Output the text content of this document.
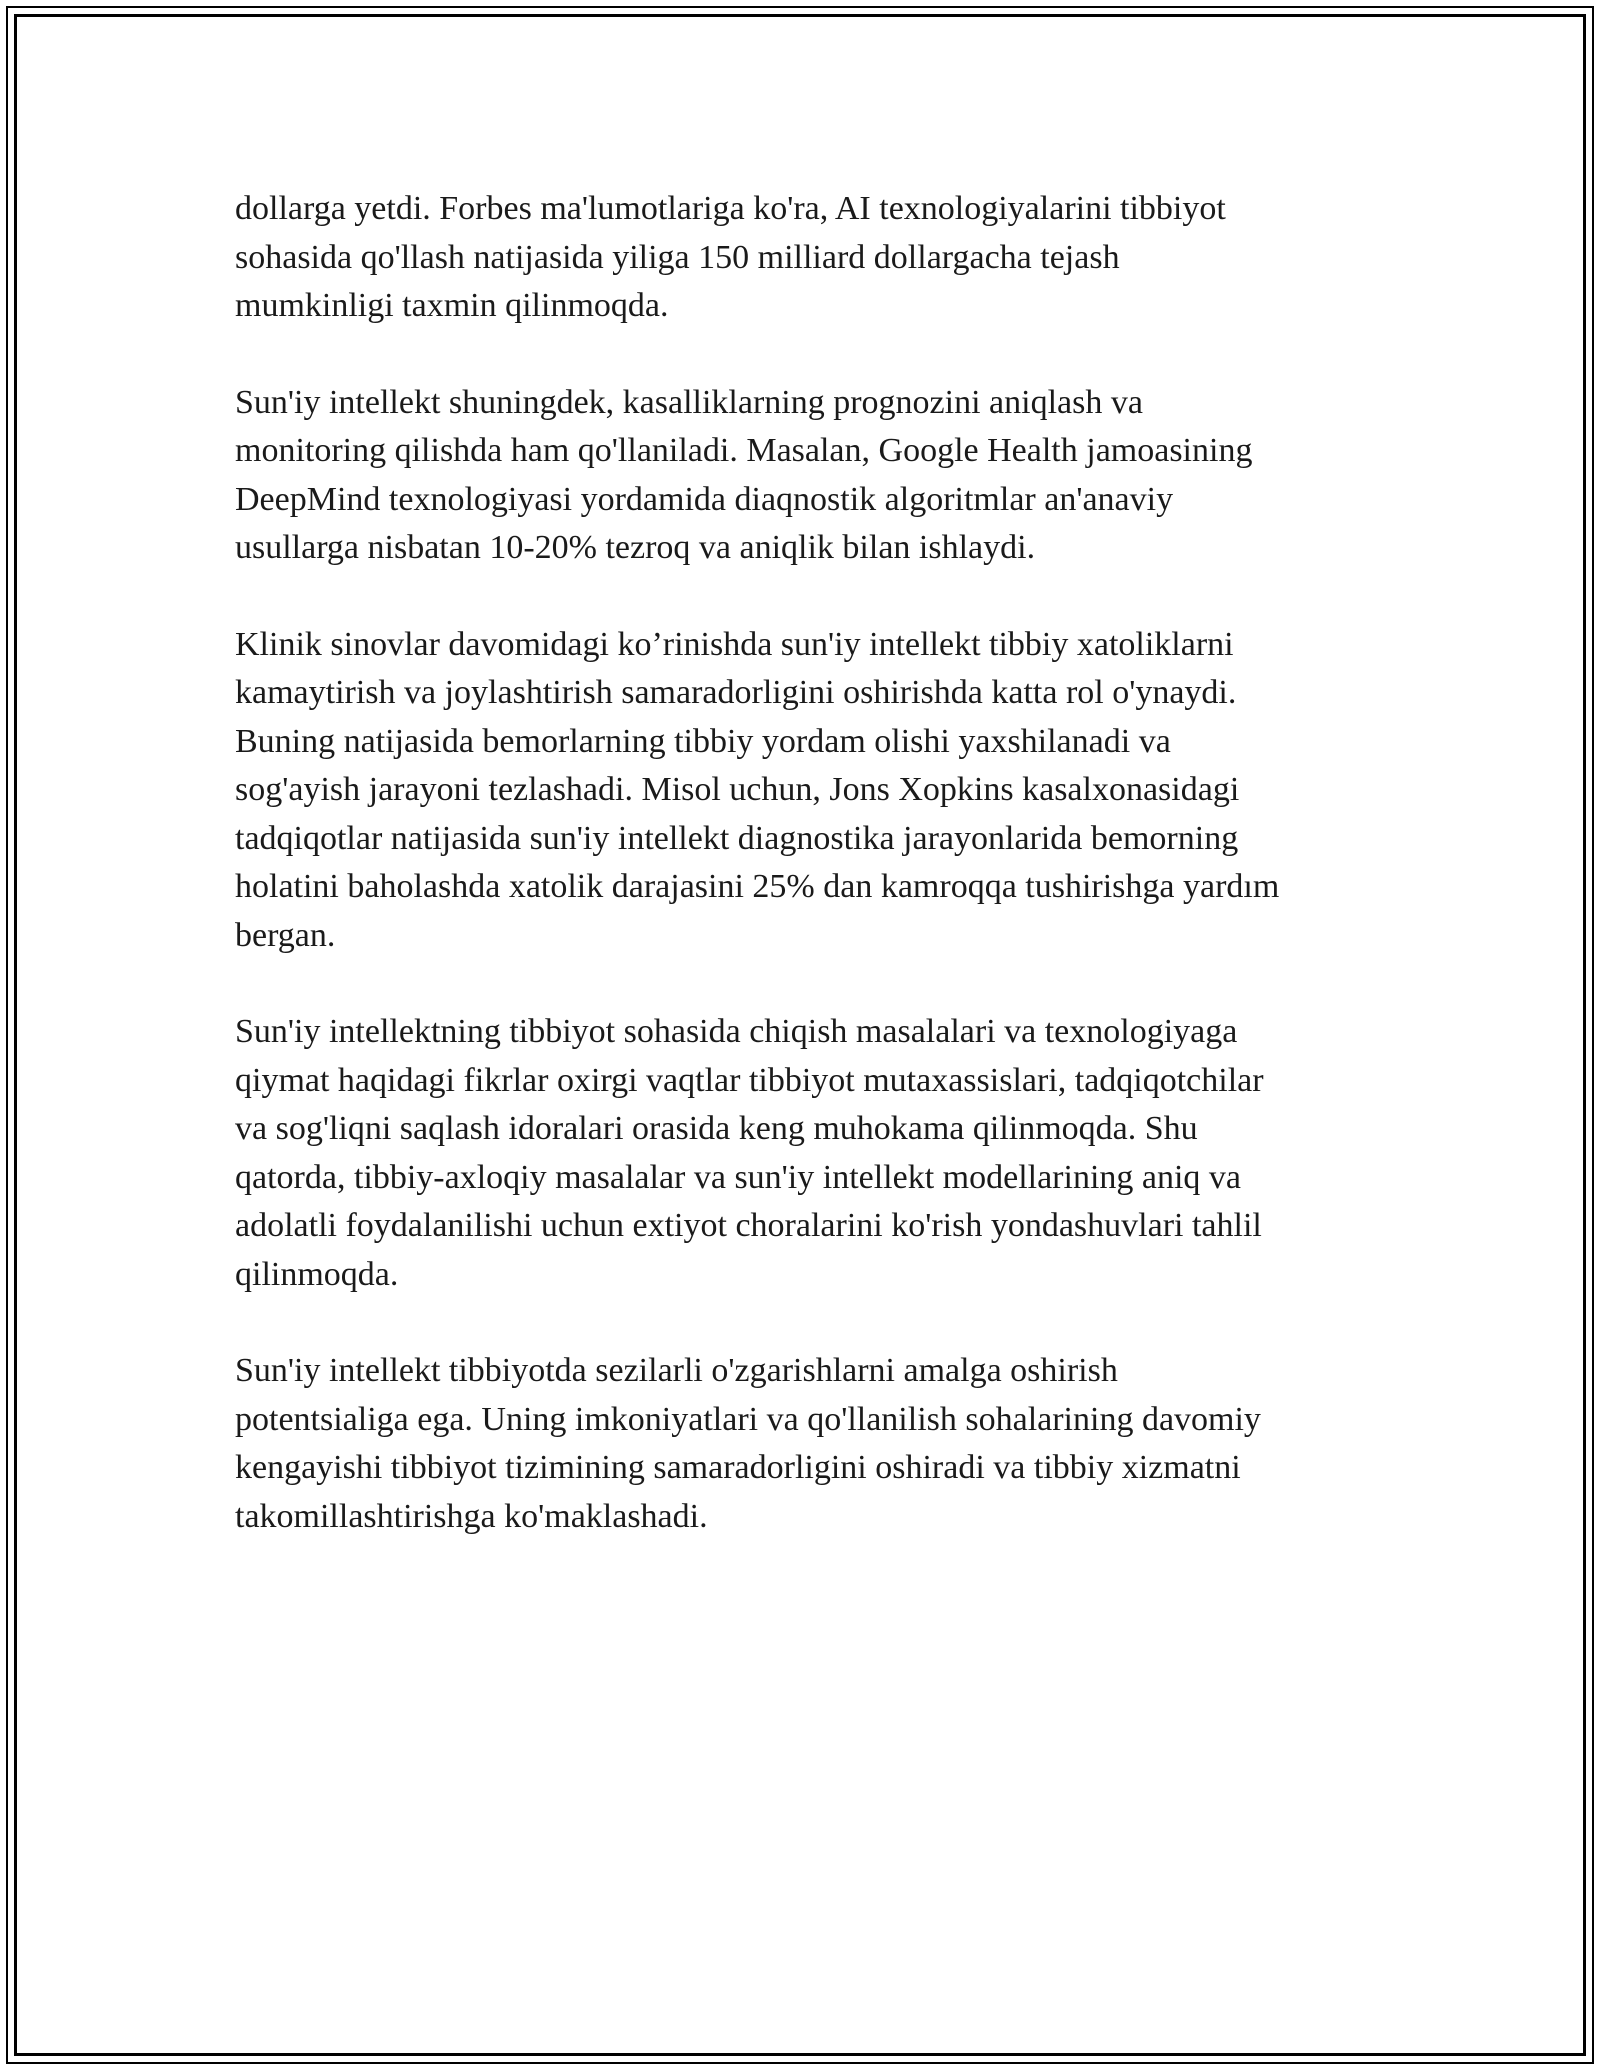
dollarga yetdi. Forbes ma'lumotlariga ko'ra, AI texnologiyalarini tibbiyot
sohasida qo'llash natijasida yiliga 150 milliard dollargacha tejash
mumkinligi taxmin qilinmoqda.

Sun'iy intellekt shuningdek, kasalliklarning prognozini aniqlash va
monitoring qilishda ham qo'llaniladi. Masalan, Google Health jamoasining
DeepMind texnologiyasi yordamida diaqnostik algoritmlar an'anaviy
usullarga nisbatan 10-20% tezroq va aniqlik bilan ishlaydi.

Klinik sinovlar davomidagi ko’rinishda sun'iy intellekt tibbiy xatoliklarni
kamaytirish va joylashtirish samaradorligini oshirishda katta rol o'ynaydi.
Buning natijasida bemorlarning tibbiy yordam olishi yaxshilanadi va
sog'ayish jarayoni tezlashadi. Misol uchun, Jons Xopkins kasalxonasidagi
tadqiqotlar natijasida sun'iy intellekt diagnostika jarayonlarida bemorning
holatini baholashda xatolik darajasini 25% dan kamroqqa tushirishga yardım
bergan.

Sun'iy intellektning tibbiyot sohasida chiqish masalalari va texnologiyaga
qiymat haqidagi fikrlar oxirgi vaqtlar tibbiyot mutaxassislari, tadqiqotchilar
va sog'liqni saqlash idoralari orasida keng muhokama qilinmoqda. Shu
qatorda, tibbiy-axloqiy masalalar va sun'iy intellekt modellarining aniq va
adolatli foydalanilishi uchun extiyot choralarini ko'rish yondashuvlari tahlil
qilinmoqda.

Sun'iy intellekt tibbiyotda sezilarli o'zgarishlarni amalga oshirish
potentsialiga ega. Uning imkoniyatlari va qo'llanilish sohalarining davomiy
kengayishi tibbiyot tizimining samaradorligini oshiradi va tibbiy xizmatni
takomillashtirishga ko'maklashadi.
